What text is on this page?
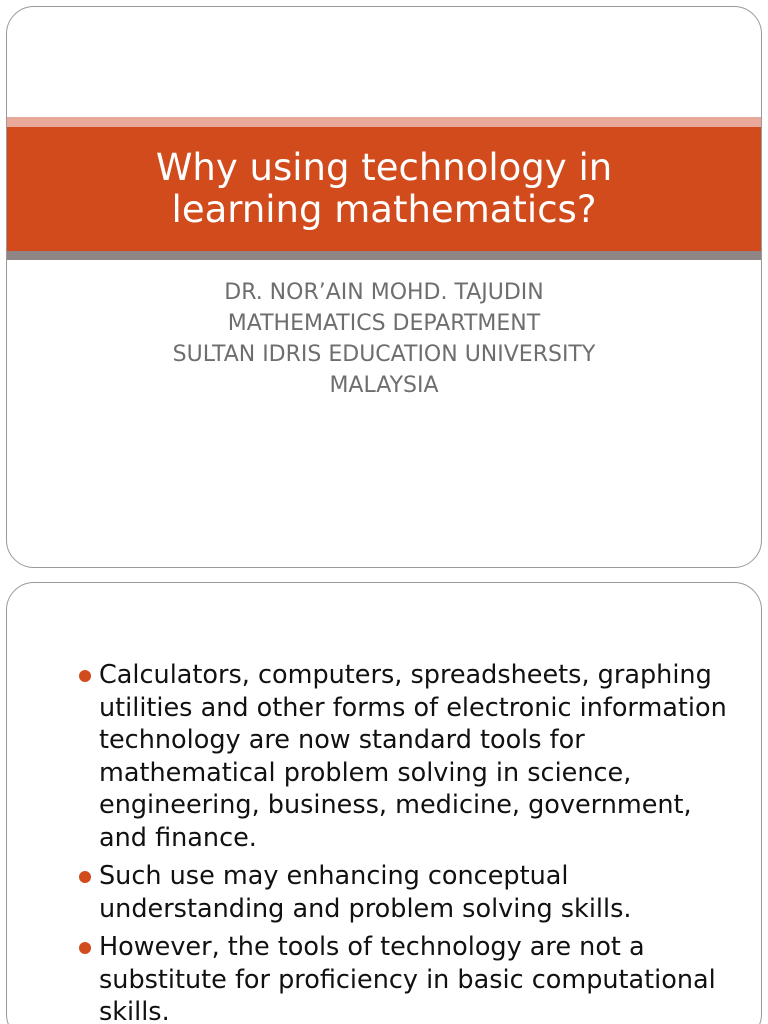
Why using technology in
learning mathematics?
DR. NOR’AIN MOHD. TAJUDIN
MATHEMATICS DEPARTMENT
SULTAN IDRIS EDUCATION UNIVERSITY
MALAYSIA
Calculators, computers, spreadsheets, graphing utilities and other forms of electronic information technology are now standard tools for mathematical problem solving in science, engineering, business, medicine, government, and finance.
Such use may enhancing conceptual understanding and problem solving skills.
However, the tools of technology are not a substitute for proficiency in basic computational skills.
